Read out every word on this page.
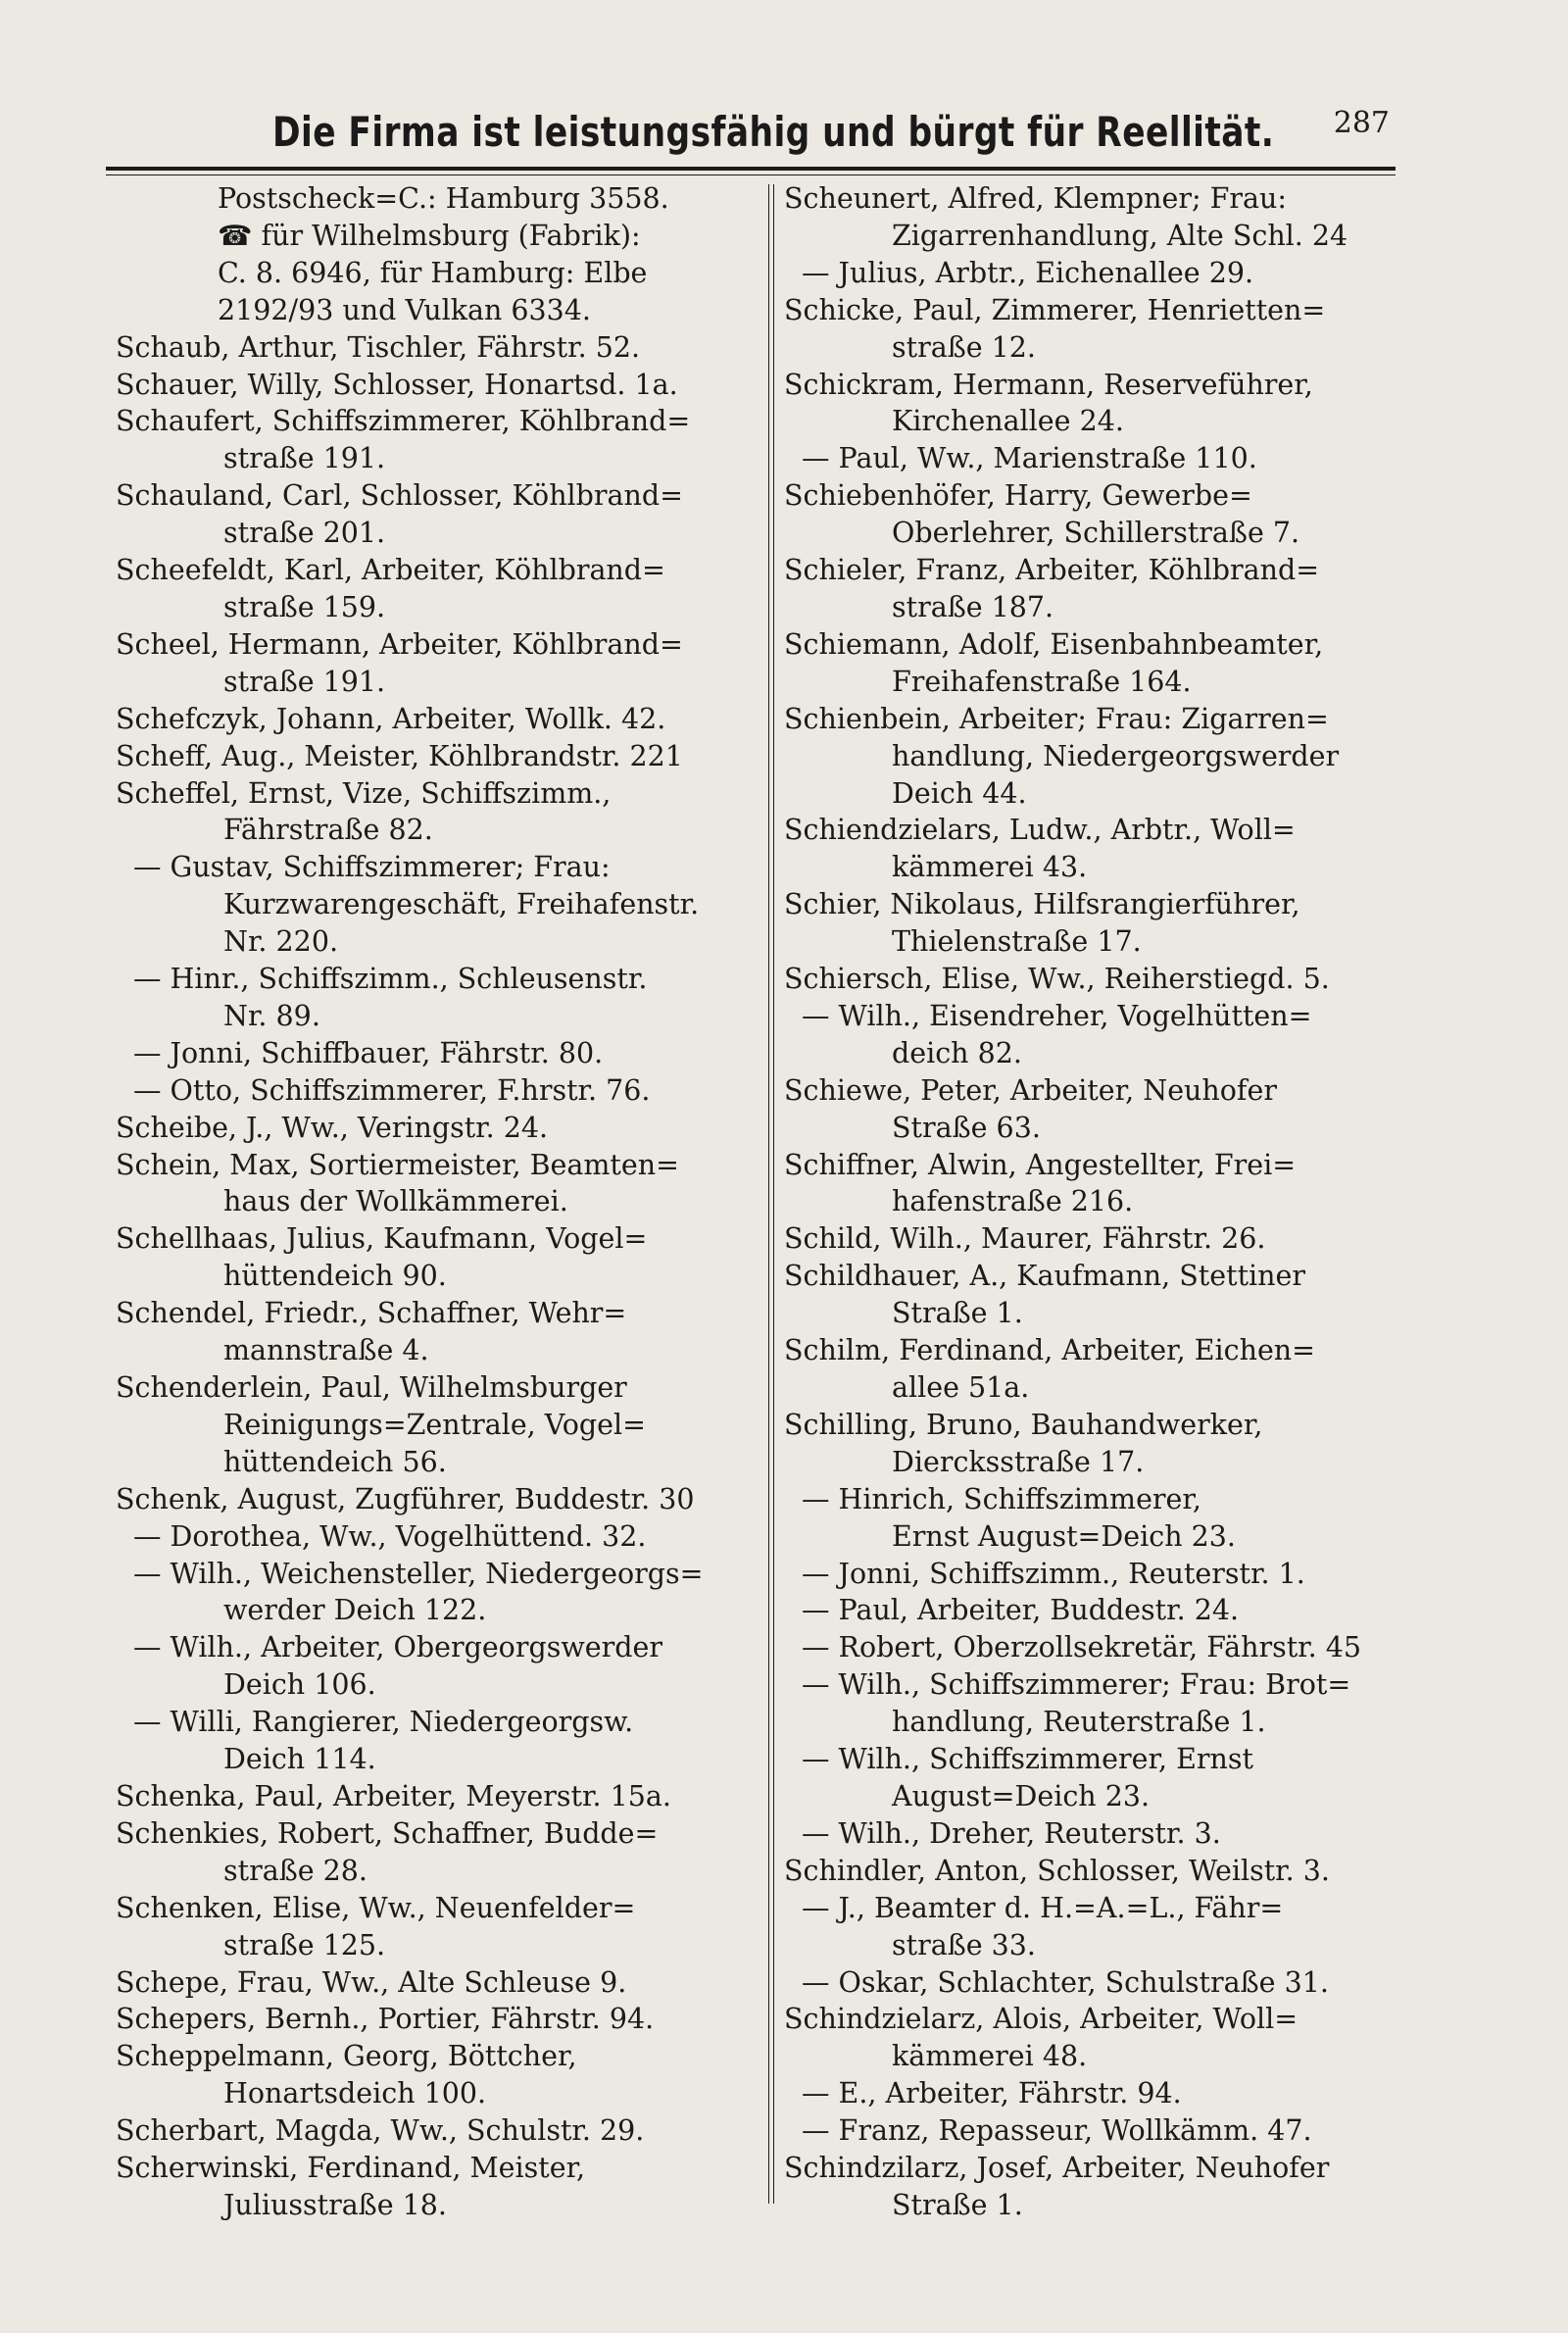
Die Firma ist leistungsfähig und bürgt für Reellität. 287
Postscheck=C.: Hamburg 3558.
☎ für Wilhelmsburg (Fabrik):
C. 8. 6946, für Hamburg: Elbe
2192/93 und Vulkan 6334.
Schaub, Arthur, Tischler, Fährstr. 52.
Schauer, Willy, Schlosser, Honartsd. 1a.
Schaufert, Schiffszimmerer, Köhlbrand=
straße 191.
Schauland, Carl, Schlosser, Köhlbrand=
straße 201.
Scheefeldt, Karl, Arbeiter, Köhlbrand=
straße 159.
Scheel, Hermann, Arbeiter, Köhlbrand=
straße 191.
Schefczyk, Johann, Arbeiter, Wollk. 42.
Scheff, Aug., Meister, Köhlbrandstr. 221
Scheffel, Ernst, Vize, Schiffszimm.,
Fährstraße 82.
— Gustav, Schiffszimmerer; Frau:
Kurzwarengeschäft, Freihafenstr.
Nr. 220.
— Hinr., Schiffszimm., Schleusenstr.
Nr. 89.
— Jonni, Schiffbauer, Fährstr. 80.
— Otto, Schiffszimmerer, F.hrstr. 76.
Scheibe, J., Ww., Veringstr. 24.
Schein, Max, Sortiermeister, Beamten=
haus der Wollkämmerei.
Schellhaas, Julius, Kaufmann, Vogel=
hüttendeich 90.
Schendel, Friedr., Schaffner, Wehr=
mannstraße 4.
Schenderlein, Paul, Wilhelmsburger
Reinigungs=Zentrale, Vogel=
hüttendeich 56.
Schenk, August, Zugführer, Buddestr. 30
— Dorothea, Ww., Vogelhüttend. 32.
— Wilh., Weichensteller, Niedergeorgs=
werder Deich 122.
— Wilh., Arbeiter, Obergeorgswerder
Deich 106.
— Willi, Rangierer, Niedergeorgsw.
Deich 114.
Schenka, Paul, Arbeiter, Meyerstr. 15a.
Schenkies, Robert, Schaffner, Budde=
straße 28.
Schenken, Elise, Ww., Neuenfelder=
straße 125.
Schepe, Frau, Ww., Alte Schleuse 9.
Schepers, Bernh., Portier, Fährstr. 94.
Scheppelmann, Georg, Böttcher,
Honartsdeich 100.
Scherbart, Magda, Ww., Schulstr. 29.
Scherwinski, Ferdinand, Meister,
Juliusstraße 18.
Scheunert, Alfred, Klempner; Frau:
Zigarrenhandlung, Alte Schl. 24
— Julius, Arbtr., Eichenallee 29.
Schicke, Paul, Zimmerer, Henrietten=
straße 12.
Schickram, Hermann, Reserveführer,
Kirchenallee 24.
— Paul, Ww., Marienstraße 110.
Schiebenhöfer, Harry, Gewerbe=
Oberlehrer, Schillerstraße 7.
Schieler, Franz, Arbeiter, Köhlbrand=
straße 187.
Schiemann, Adolf, Eisenbahnbeamter,
Freihafenstraße 164.
Schienbein, Arbeiter; Frau: Zigarren=
handlung, Niedergeorgswerder
Deich 44.
Schiendzielars, Ludw., Arbtr., Woll=
kämmerei 43.
Schier, Nikolaus, Hilfsrangierführer,
Thielenstraße 17.
Schiersch, Elise, Ww., Reiherstiegd. 5.
— Wilh., Eisendreher, Vogelhütten=
deich 82.
Schiewe, Peter, Arbeiter, Neuhofer
Straße 63.
Schiffner, Alwin, Angestellter, Frei=
hafenstraße 216.
Schild, Wilh., Maurer, Fährstr. 26.
Schildhauer, A., Kaufmann, Stettiner
Straße 1.
Schilm, Ferdinand, Arbeiter, Eichen=
allee 51a.
Schilling, Bruno, Bauhandwerker,
Diercksstraße 17.
— Hinrich, Schiffszimmerer,
Ernst August=Deich 23.
— Jonni, Schiffszimm., Reuterstr. 1.
— Paul, Arbeiter, Buddestr. 24.
— Robert, Oberzollsekretär, Fährstr. 45
— Wilh., Schiffszimmerer; Frau: Brot=
handlung, Reuterstraße 1.
— Wilh., Schiffszimmerer, Ernst
August=Deich 23.
— Wilh., Dreher, Reuterstr. 3.
Schindler, Anton, Schlosser, Weilstr. 3.
— J., Beamter d. H.=A.=L., Fähr=
straße 33.
— Oskar, Schlachter, Schulstraße 31.
Schindzielarz, Alois, Arbeiter, Woll=
kämmerei 48.
— E., Arbeiter, Fährstr. 94.
— Franz, Repasseur, Wollkämm. 47.
Schindzilarz, Josef, Arbeiter, Neuhofer
Straße 1.
